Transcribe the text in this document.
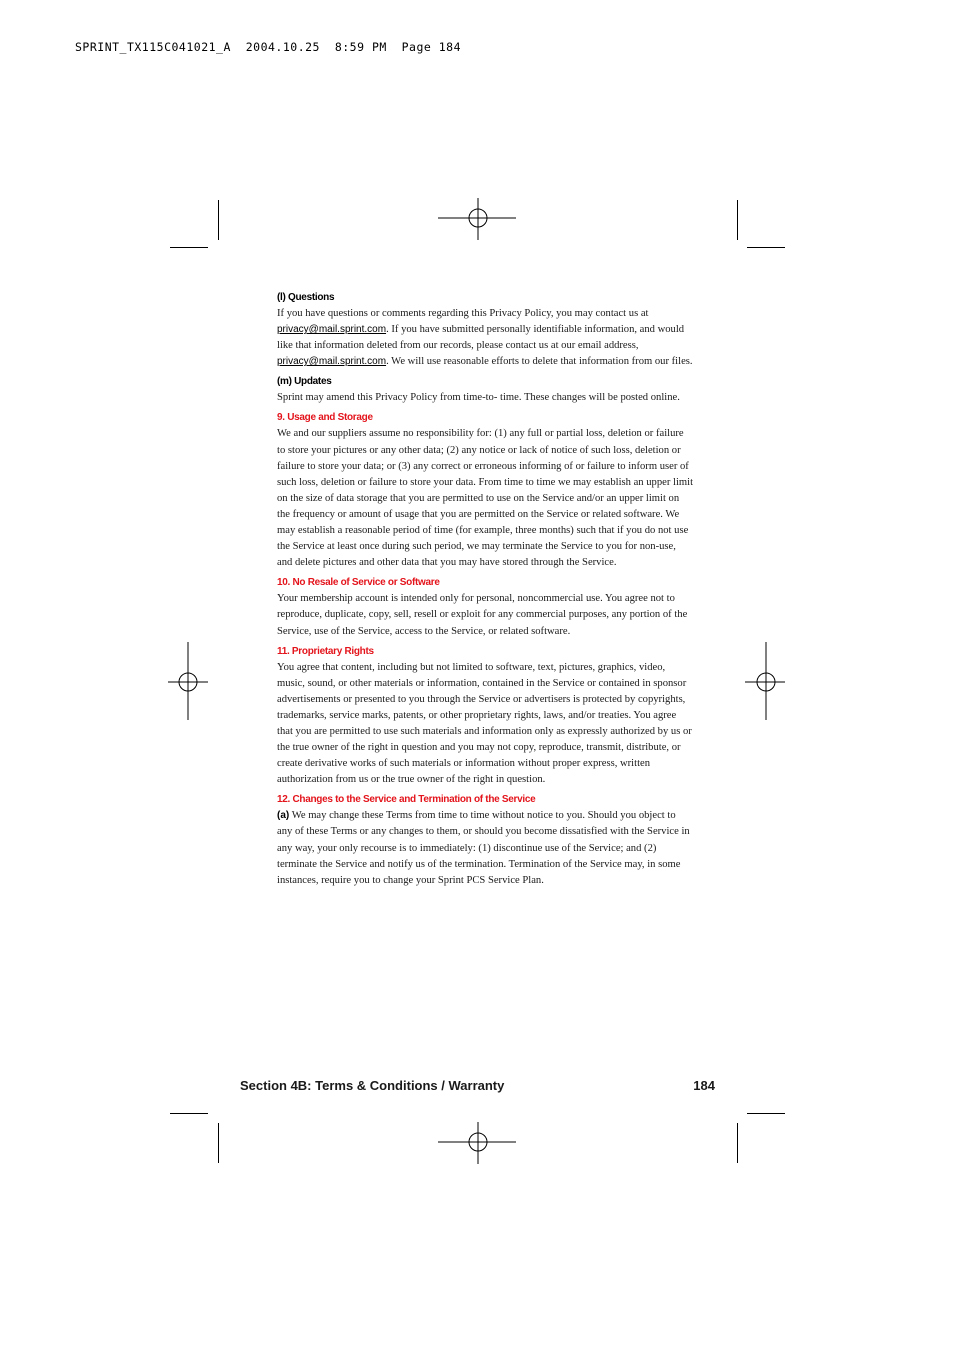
SPRINT_TX115C041021_A  2004.10.25  8:59 PM  Page 184
(l) Questions

If you have questions or comments regarding this Privacy Policy, you may contact us at privacy@mail.sprint.com. If you have submitted personally identifiable information, and would like that information deleted from our records, please contact us at our email address, privacy@mail.sprint.com. We will use reasonable efforts to delete that information from our files.

(m) Updates

Sprint may amend this Privacy Policy from time-to- time. These changes will be posted online.

9. Usage and Storage

We and our suppliers assume no responsibility for: (1) any full or partial loss, deletion or failure to store your pictures or any other data; (2) any notice or lack of notice of such loss, deletion or failure to store your data; or (3) any correct or erroneous informing of or failure to inform user of such loss, deletion or failure to store your data. From time to time we may establish an upper limit on the size of data storage that you are permitted to use on the Service and/or an upper limit on the frequency or amount of usage that you are permitted on the Service or related software. We may establish a reasonable period of time (for example, three months) such that if you do not use the Service at least once during such period, we may terminate the Service to you for non-use, and delete pictures and other data that you may have stored through the Service.

10. No Resale of Service or Software

Your membership account is intended only for personal, noncommercial use. You agree not to reproduce, duplicate, copy, sell, resell or exploit for any commercial purposes, any portion of the Service, use of the Service, access to the Service, or related software.

11. Proprietary Rights

You agree that content, including but not limited to software, text, pictures, graphics, video, music, sound, or other materials or information, contained in the Service or contained in sponsor advertisements or presented to you through the Service or advertisers is protected by copyrights, trademarks, service marks, patents, or other proprietary rights, laws, and/or treaties. You agree that you are permitted to use such materials and information only as expressly authorized by us or the true owner of the right in question and you may not copy, reproduce, transmit, distribute, or create derivative works of such materials or information without proper express, written authorization from us or the true owner of the right in question.

12. Changes to the Service and Termination of the Service

(a) We may change these Terms from time to time without notice to you. Should you object to any of these Terms or any changes to them, or should you become dissatisfied with the Service in any way, your only recourse is to immediately: (1) discontinue use of the Service; and (2) terminate the Service and notify us of the termination. Termination of the Service may, in some instances, require you to change your Sprint PCS Service Plan.

Section 4B: Terms & Conditions / Warranty	184
